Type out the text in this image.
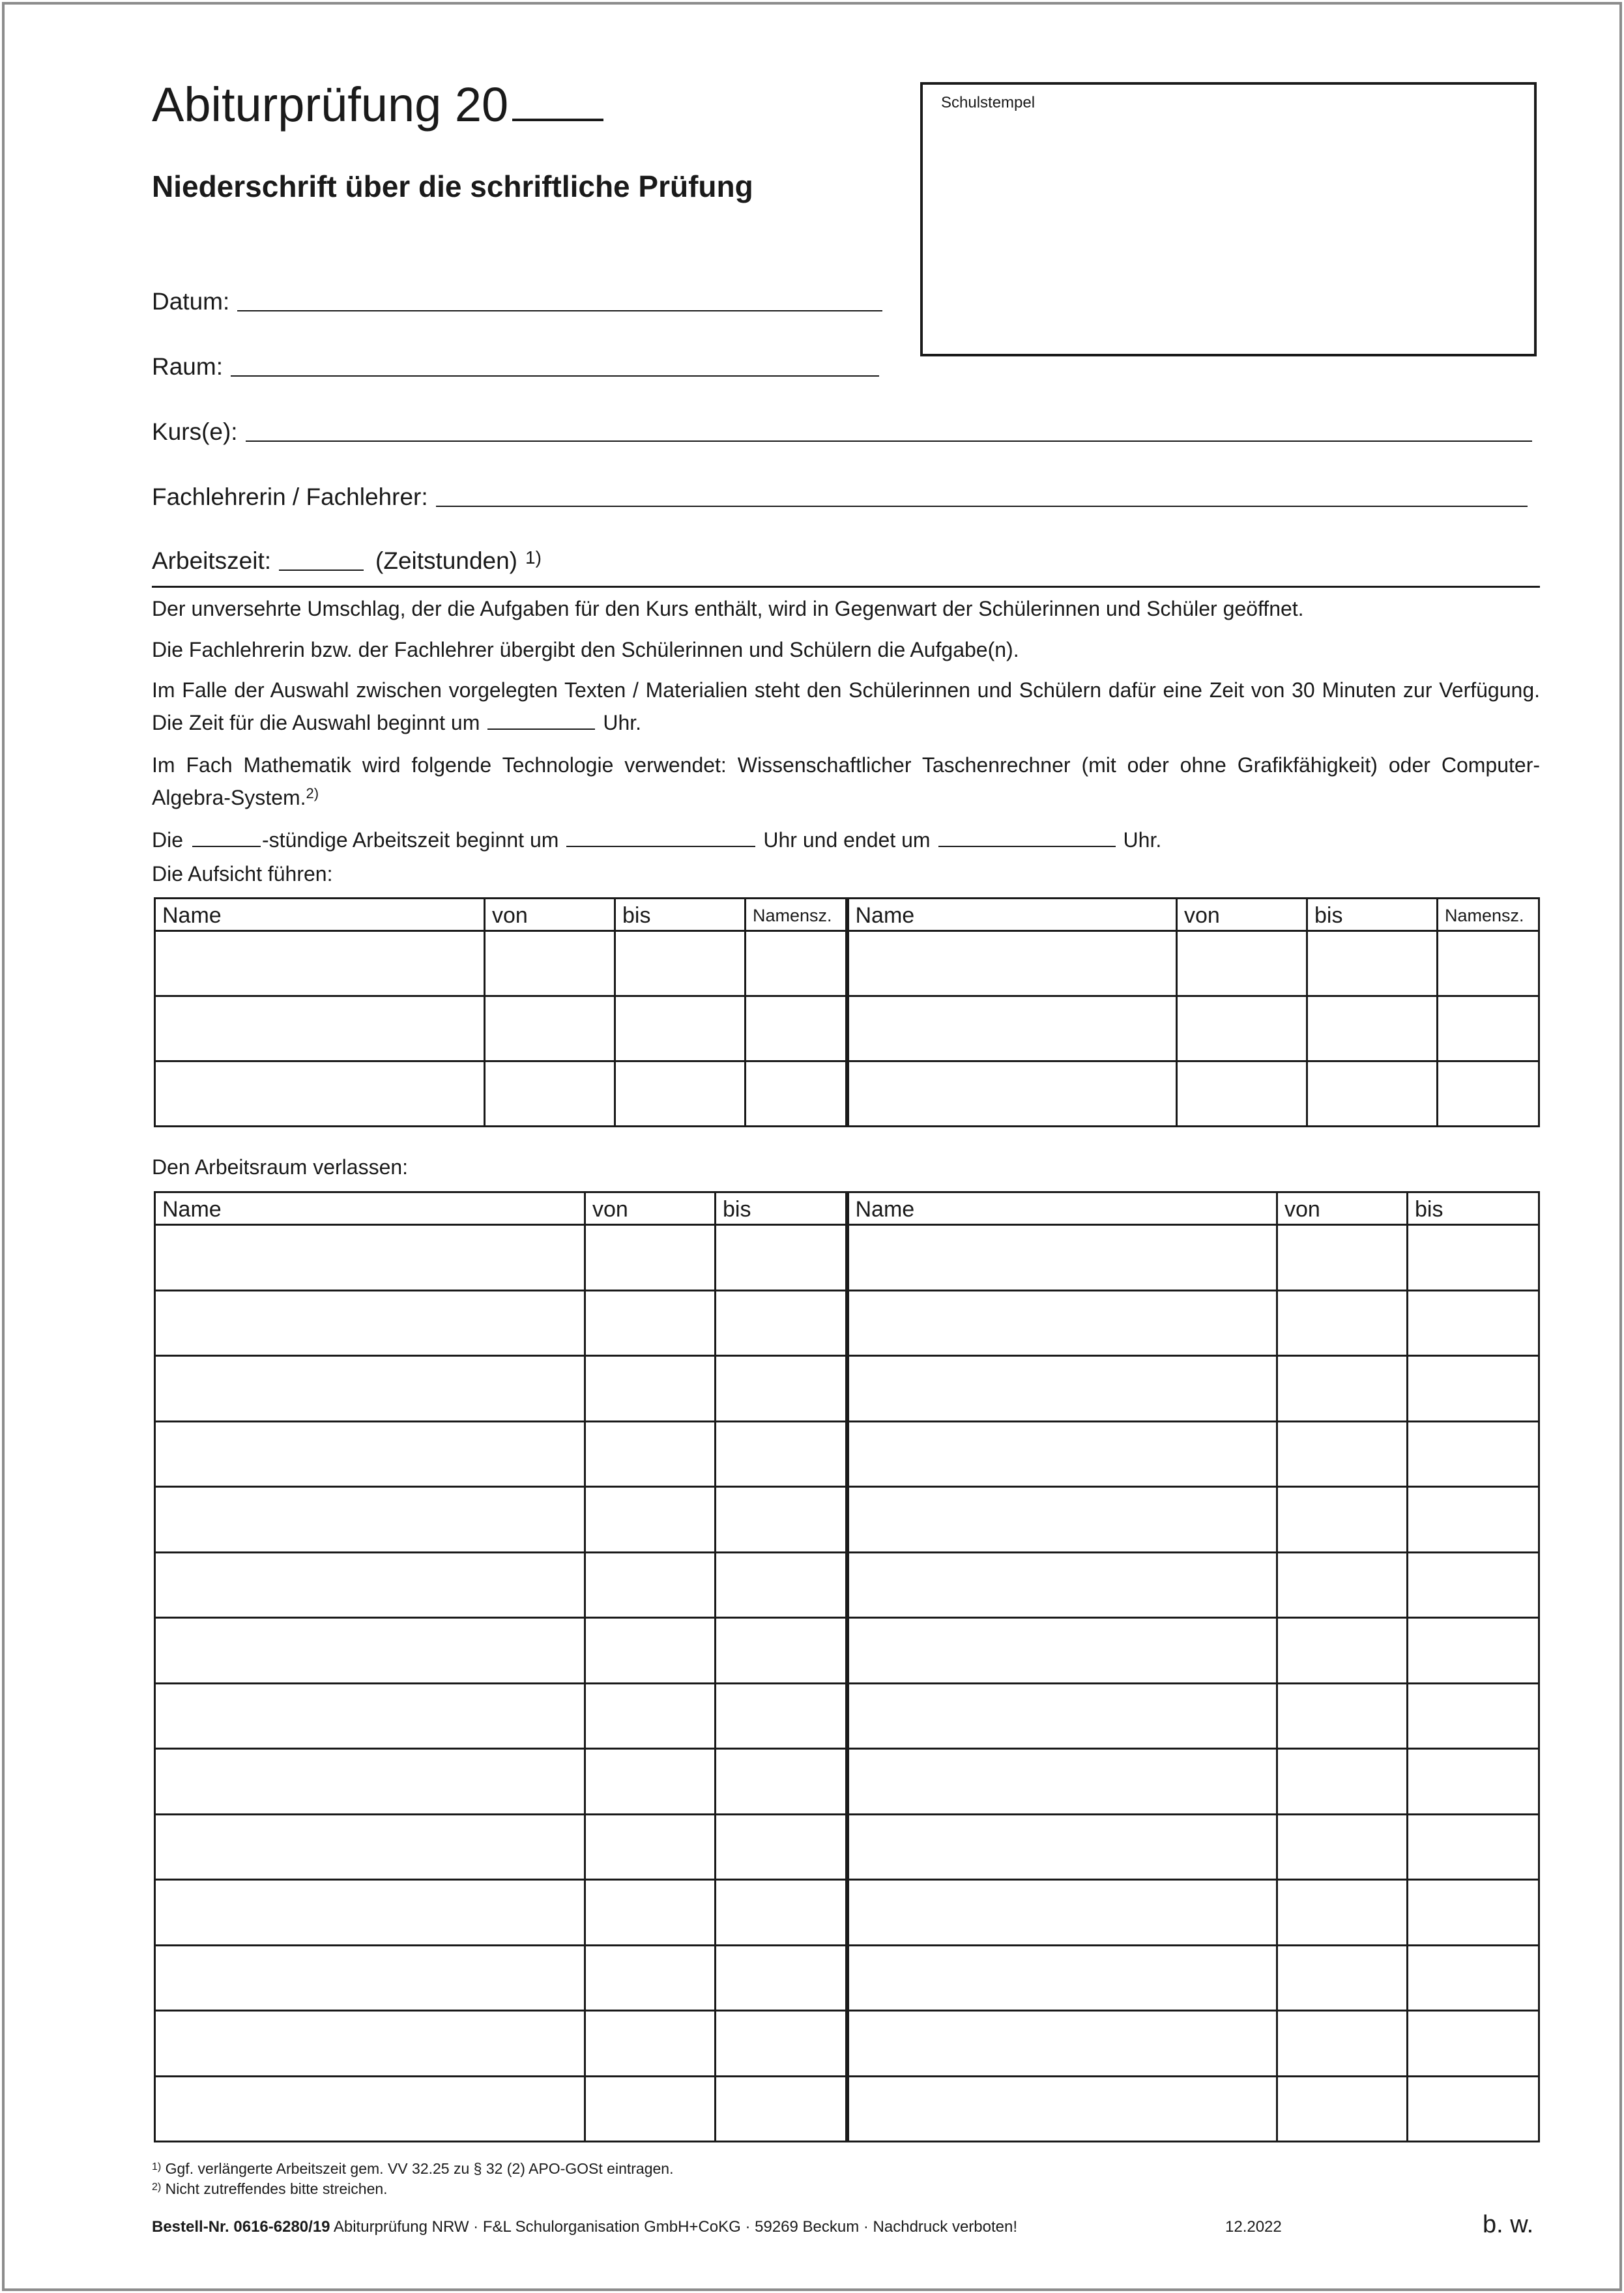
Abiturprüfung 20
Niederschrift über die schriftliche Prüfung
Schulstempel
Datum:
Raum:
Kurs(e):
Fachlehrerin / Fachlehrer:
Arbeitszeit:	(Zeitstunden) 1)
Der unversehrte Umschlag, der die Aufgaben für den Kurs enthält, wird in Gegenwart der Schülerinnen und Schüler geöffnet.
Die Fachlehrerin bzw. der Fachlehrer übergibt den Schülerinnen und Schülern die Aufgabe(n).
Im Falle der Auswahl zwischen vorgelegten Texten / Materialien steht den Schülerinnen und Schülern dafür eine Zeit von 30 Minuten zur Verfügung. Die Zeit für die Auswahl beginnt um	Uhr.
Im Fach Mathematik wird folgende Technologie verwendet: Wissenschaftlicher Taschenrechner (mit oder ohne Grafikfähigkeit) oder Computer-Algebra-System.$^{2)}$
Die	-stündige Arbeitszeit beginnt um	Uhr und endet um	Uhr.
Die Aufsicht führen:
Name	von	bis	Namensz.	Name	von	bis	Namensz.

Den Arbeitsraum verlassen:
Name	von	bis	Name	von	bis

$^{1)}$ Ggf. verlängerte Arbeitszeit gem. VV 32.25 zu § 32 (2) APO-GOSt eintragen.
$^{2)}$ Nicht zutreffendes bitte streichen.
Bestell-Nr. 0616-6280/19 Abiturprüfung NRW · F&L Schulorganisation GmbH+CoKG · 59269 Beckum · Nachdruck verboten!	12.2022	b. w.
